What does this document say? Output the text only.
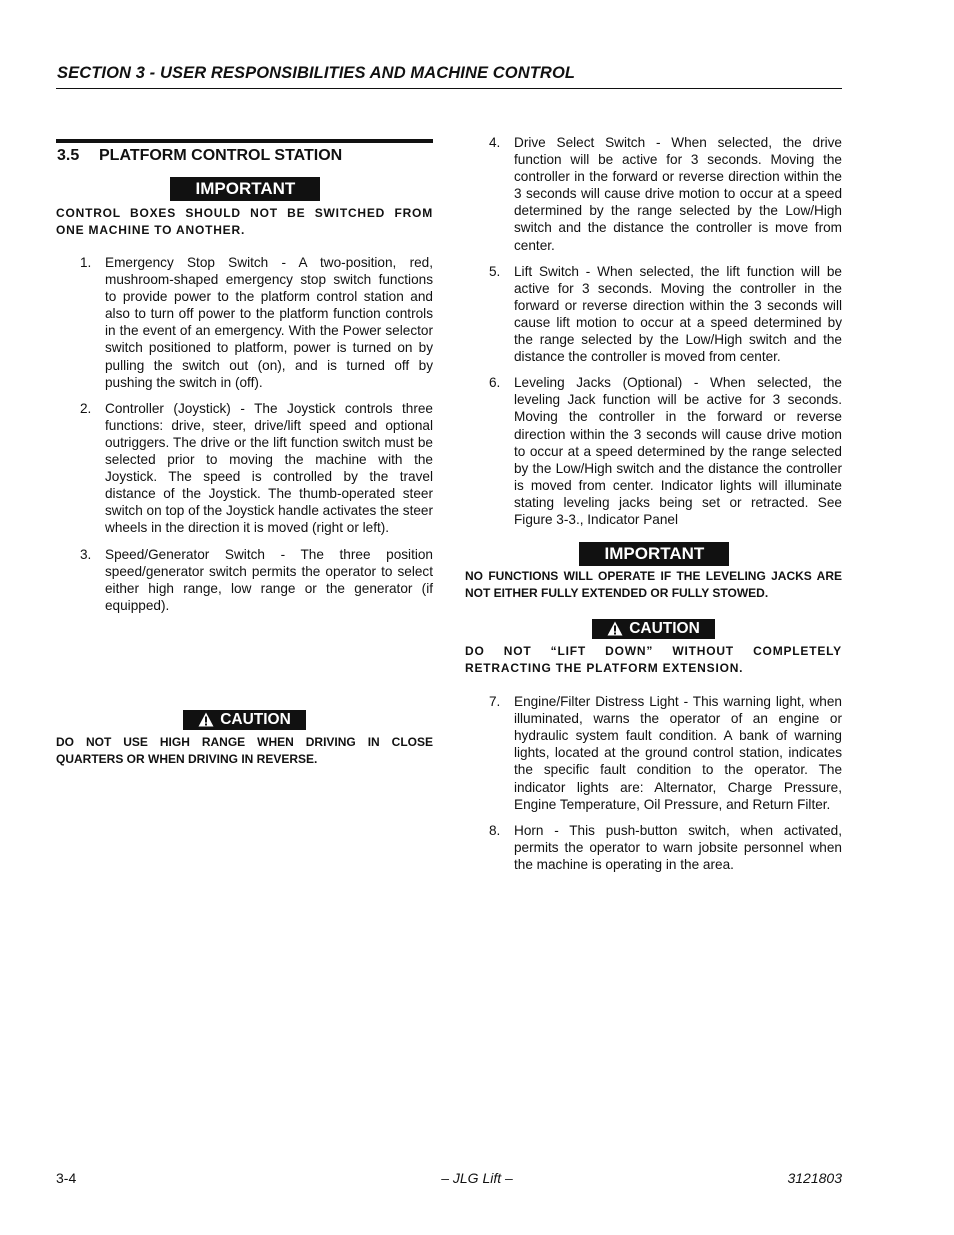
SECTION 3 - USER RESPONSIBILITIES AND MACHINE CONTROL
3.5 PLATFORM CONTROL STATION
IMPORTANT

CONTROL BOXES SHOULD NOT BE SWITCHED FROM ONE MACHINE TO ANOTHER.

1. Emergency Stop Switch - A two-position, red, mushroom-shaped emergency stop switch functions to provide power to the platform control station and also to turn off power to the platform function controls in the event of an emergency. With the Power selector switch positioned to platform, power is turned on by pulling the switch out (on), and is turned off by pushing the switch in (off).
2. Controller (Joystick) - The Joystick controls three functions: drive, steer, drive/lift speed and optional outriggers. The drive or the lift function switch must be selected prior to moving the machine with the Joystick. The speed is controlled by the travel distance of the Joystick. The thumb-operated steer switch on top of the Joystick handle activates the steer wheels in the direction it is moved (right or left).
3. Speed/Generator Switch - The three position speed/generator switch permits the operator to select either high range, low range or the generator (if equipped).
CAUTION

DO NOT USE HIGH RANGE WHEN DRIVING IN CLOSE QUARTERS OR WHEN DRIVING IN REVERSE.

4. Drive Select Switch - When selected, the drive function will be active for 3 seconds. Moving the controller in the forward or reverse direction within the 3 seconds will cause drive motion to occur at a speed determined by the range selected by the Low/High switch and the distance the controller is move from center.
5. Lift Switch - When selected, the lift function will be active for 3 seconds. Moving the controller in the forward or reverse direction within the 3 seconds will cause lift motion to occur at a speed determined by the range selected by the Low/High switch and the distance the controller is moved from center.
6. Leveling Jacks (Optional) - When selected, the leveling Jack function will be active for 3 seconds. Moving the controller in the forward or reverse direction within the 3 seconds will cause drive motion to occur at a speed determined by the range selected by the Low/High switch and the distance the controller is moved from center. Indicator lights will illuminate stating leveling jacks being set or retracted. See Figure 3-3., Indicator Panel
IMPORTANT

NO FUNCTIONS WILL OPERATE IF THE LEVELING JACKS ARE NOT EITHER FULLY EXTENDED OR FULLY STOWED.

CAUTION

DO NOT “LIFT DOWN” WITHOUT COMPLETELY RETRACTING THE PLATFORM EXTENSION.

7. Engine/Filter Distress Light - This warning light, when illuminated, warns the operator of an engine or hydraulic system fault condition. A bank of warning lights, located at the ground control station, indicates the specific fault condition to the operator. The indicator lights are: Alternator, Charge Pressure, Engine Temperature, Oil Pressure, and Return Filter.
8. Horn - This push-button switch, when activated, permits the operator to warn jobsite personnel when the machine is operating in the area.
3-4	– JLG Lift –	3121803
